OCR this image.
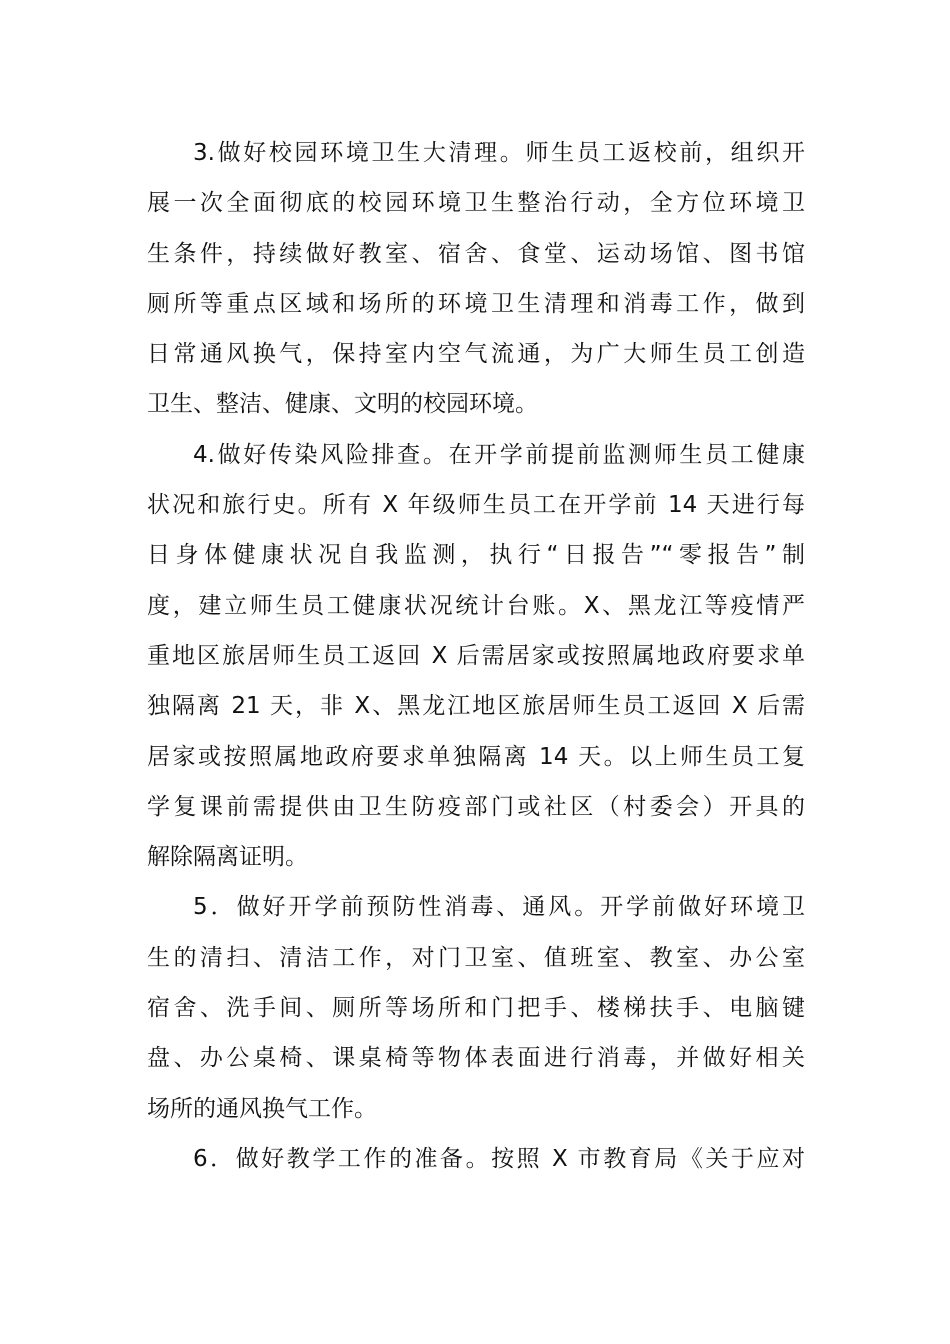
3.做好校园环境卫生大清理。师生员工返校前，组织开
展一次全面彻底的校园环境卫生整治行动，全方位环境卫
生条件，持续做好教室、宿舍、食堂、运动场馆、图书馆
厕所等重点区域和场所的环境卫生清理和消毒工作，做到
日常通风换气，保持室内空气流通，为广大师生员工创造
卫生、整洁、健康、文明的校园环境。
4.做好传染风险排查。在开学前提前监测师生员工健康
状况和旅行史。所有 X 年级师生员工在开学前 14 天进行每
日身体健康状况自我监测，执行“日报告”“零报告”制
度，建立师生员工健康状况统计台账。X、黑龙江等疫情严
重地区旅居师生员工返回 X 后需居家或按照属地政府要求单
独隔离 21 天，非 X、黑龙江地区旅居师生员工返回 X 后需
居家或按照属地政府要求单独隔离 14 天。以上师生员工复
学复课前需提供由卫生防疫部门或社区（村委会）开具的
解除隔离证明。
5．做好开学前预防性消毒、通风。开学前做好环境卫
生的清扫、清洁工作，对门卫室、值班室、教室、办公室
宿舍、洗手间、厕所等场所和门把手、楼梯扶手、电脑键
盘、办公桌椅、课桌椅等物体表面进行消毒，并做好相关
场所的通风换气工作。
6．做好教学工作的准备。按照 X 市教育局《关于应对
